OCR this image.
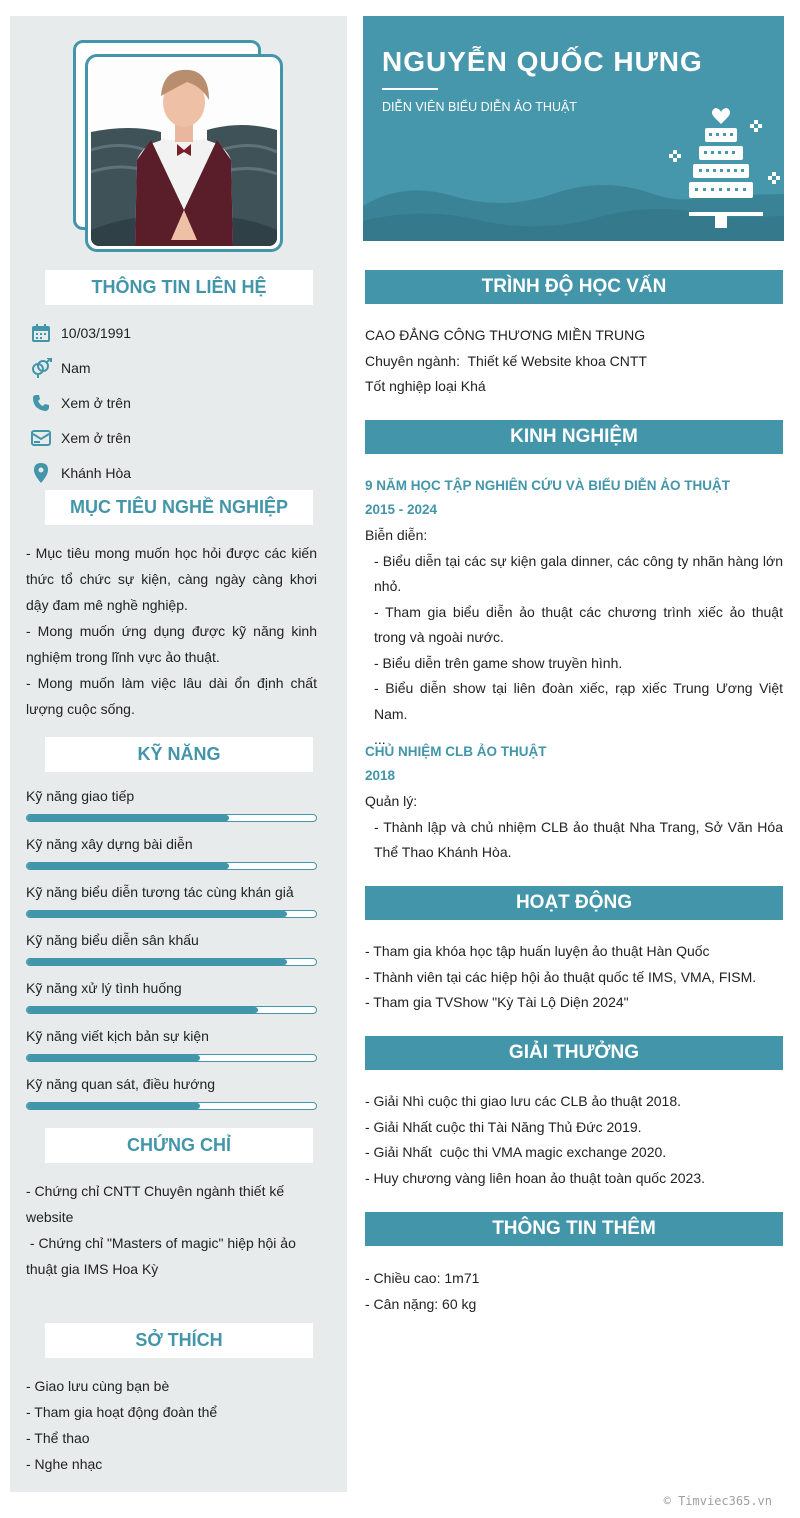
THÔNG TIN LIÊN HỆ
10/03/1991
Nam
Xem ở trên
Xem ở trên
Khánh Hòa
MỤC TIÊU NGHỀ NGHIỆP
- Mục tiêu mong muốn học hỏi được các kiến thức tổ chức sự kiện, càng ngày càng khơi dậy đam mê nghề nghiệp.
- Mong muốn ứng dụng được kỹ năng kinh nghiệm trong lĩnh vực ảo thuật.
- Mong muốn làm việc lâu dài ổn định chất lượng cuộc sống.
KỸ NĂNG
Kỹ năng giao tiếp
Kỹ năng xây dựng bài diễn
Kỹ năng biểu diễn tương tác cùng khán giả
Kỹ năng biểu diễn sân khấu
Kỹ năng xử lý tình huống
Kỹ năng viết kịch bản sự kiện
Kỹ năng quan sát, điều hướng
CHỨNG CHỈ
- Chứng chỉ CNTT Chuyên ngành thiết kế website
- Chứng chỉ "Masters of magic" hiệp hội ảo thuật gia IMS Hoa Kỳ
SỞ THÍCH
- Giao lưu cùng bạn bè
- Tham gia hoạt động đoàn thể
- Thể thao
- Nghe nhạc
NGUYỄN QUỐC HƯNG
DIỄN VIÊN BIỂU DIỄN ẢO THUẬT
TRÌNH ĐỘ HỌC VẤN
CAO ĐẲNG CÔNG THƯƠNG MIỀN TRUNG
Chuyên ngành:  Thiết kế Website khoa CNTT
Tốt nghiệp loại Khá
KINH NGHIỆM
9 NĂM HỌC TẬP NGHIÊN CỨU VÀ BIỂU DIỄN ẢO THUẬT
2015 - 2024
Biễn diễn:
- Biểu diễn tại các sự kiện gala dinner, các công ty nhãn hàng lớn nhỏ.
- Tham gia biểu diễn ảo thuật các chương trình xiếc ảo thuật trong và ngoài nước.
- Biểu diễn trên game show truyền hình.
- Biểu diễn show tại liên đoàn xiếc, rạp xiếc Trung Ương Việt Nam.
...
CHỦ NHIỆM CLB ẢO THUẬT
2018
Quản lý:
- Thành lập và chủ nhiệm CLB ảo thuật Nha Trang, Sở Văn Hóa Thể Thao Khánh Hòa.
HOẠT ĐỘNG
- Tham gia khóa học tập huấn luyện ảo thuật Hàn Quốc
- Thành viên tại các hiệp hội ảo thuật quốc tế IMS, VMA, FISM.
- Tham gia TVShow "Kỳ Tài Lộ Diện 2024"
GIẢI THƯỞNG
- Giải Nhì cuộc thi giao lưu các CLB ảo thuật 2018.
- Giải Nhất cuộc thi Tài Năng Thủ Đức 2019.
- Giải Nhất  cuộc thi VMA magic exchange 2020.
- Huy chương vàng liên hoan ảo thuật toàn quốc 2023.
THÔNG TIN THÊM
- Chiều cao: 1m71
- Cân nặng: 60 kg
© Timviec365.vn
